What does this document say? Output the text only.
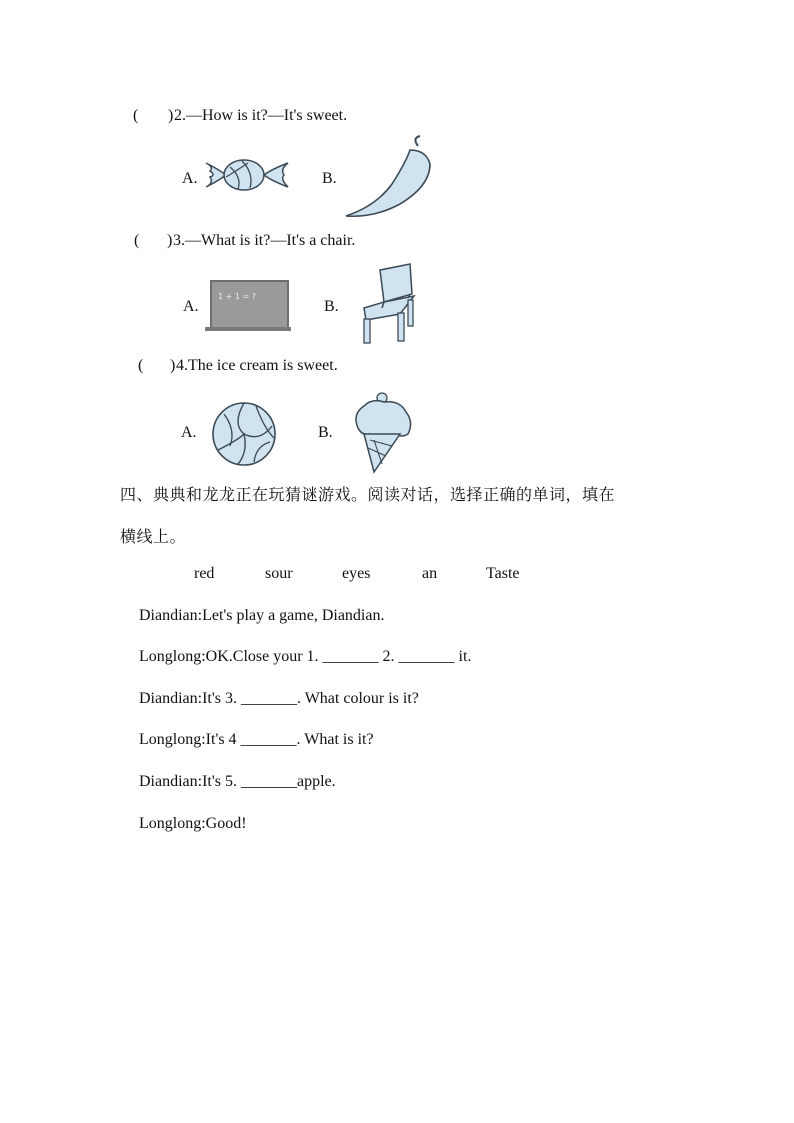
( ) 2.—How is it?—It's sweet.
A.	B.
( ) 3.—What is it?—It's a chair.
A.
1 + 1 = ?
B.
( ) 4.The ice cream is sweet.
A.	B.
四、典典和龙龙正在玩猜谜游戏。阅读对话，选择正确的单词，填在
横线上。
red	sour	eyes	an	Taste
Diandian:Let's play a game, Diandian.
Longlong:OK.Close your 1. _______ 2. _______ it.
Diandian:It's 3. _______. What colour is it?
Longlong:It's 4 _______. What is it?
Diandian:It's 5. _______apple.
Longlong:Good!
